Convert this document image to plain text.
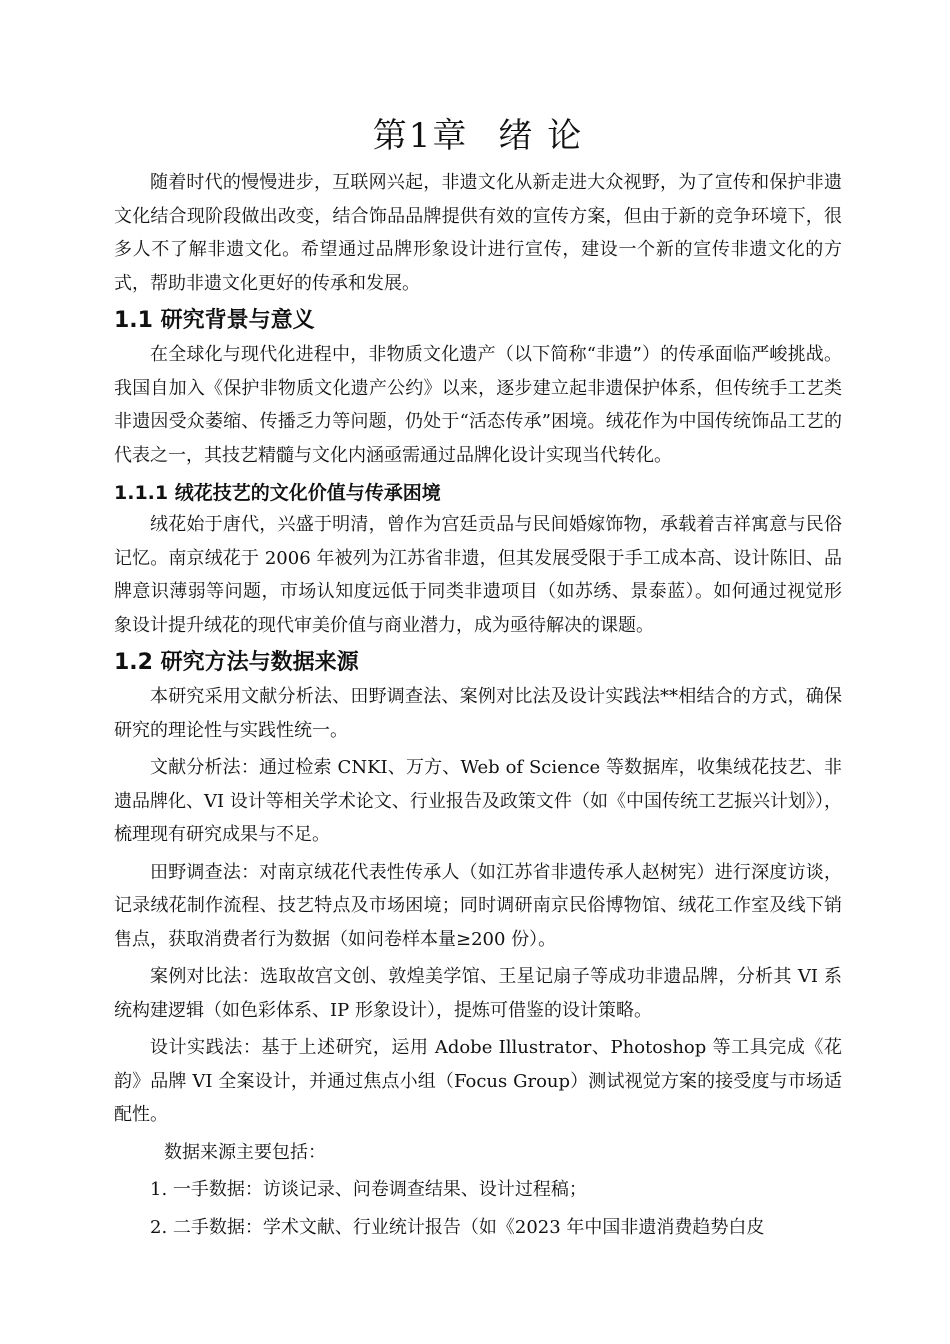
第1章 绪 论

随着时代的慢慢进步，互联网兴起，非遗文化从新走进大众视野，为了宣传和保护非遗文化结合现阶段做出改变，结合饰品品牌提供有效的宣传方案，但由于新的竞争环境下，很多人不了解非遗文化。希望通过品牌形象设计进行宣传，建设一个新的宣传非遗文化的方式，帮助非遗文化更好的传承和发展。

1.1 研究背景与意义

在全球化与现代化进程中，非物质文化遗产（以下简称“非遗”）的传承面临严峻挑战。我国自加入《保护非物质文化遗产公约》以来，逐步建立起非遗保护体系，但传统手工艺类非遗因受众萎缩、传播乏力等问题，仍处于“活态传承”困境。绒花作为中国传统饰品工艺的代表之一，其技艺精髓与文化内涵亟需通过品牌化设计实现当代转化。

1.1.1 绒花技艺的文化价值与传承困境

绒花始于唐代，兴盛于明清，曾作为宫廷贡品与民间婚嫁饰物，承载着吉祥寓意与民俗记忆。南京绒花于 2006 年被列为江苏省非遗，但其发展受限于手工成本高、设计陈旧、品牌意识薄弱等问题，市场认知度远低于同类非遗项目（如苏绣、景泰蓝）。如何通过视觉形象设计提升绒花的现代审美价值与商业潜力，成为亟待解决的课题。

1.2 研究方法与数据来源

本研究采用文献分析法、田野调查法、案例对比法及设计实践法**相结合的方式，确保研究的理论性与实践性统一。

文献分析法：通过检索 CNKI、万方、Web of Science 等数据库，收集绒花技艺、非遗品牌化、VI 设计等相关学术论文、行业报告及政策文件（如《中国传统工艺振兴计划》），梳理现有研究成果与不足。

田野调查法：对南京绒花代表性传承人（如江苏省非遗传承人赵树宪）进行深度访谈，记录绒花制作流程、技艺特点及市场困境；同时调研南京民俗博物馆、绒花工作室及线下销售点，获取消费者行为数据（如问卷样本量≥200 份）。

案例对比法：选取故宫文创、敦煌美学馆、王星记扇子等成功非遗品牌，分析其 VI 系统构建逻辑（如色彩体系、IP 形象设计），提炼可借鉴的设计策略。

设计实践法：基于上述研究，运用 Adobe Illustrator、Photoshop 等工具完成《花韵》品牌 VI 全案设计，并通过焦点小组（Focus Group）测试视觉方案的接受度与市场适配性。

数据来源主要包括：

1. 一手数据：访谈记录、问卷调查结果、设计过程稿；

2. 二手数据：学术文献、行业统计报告（如《2023 年中国非遗消费趋势白皮
